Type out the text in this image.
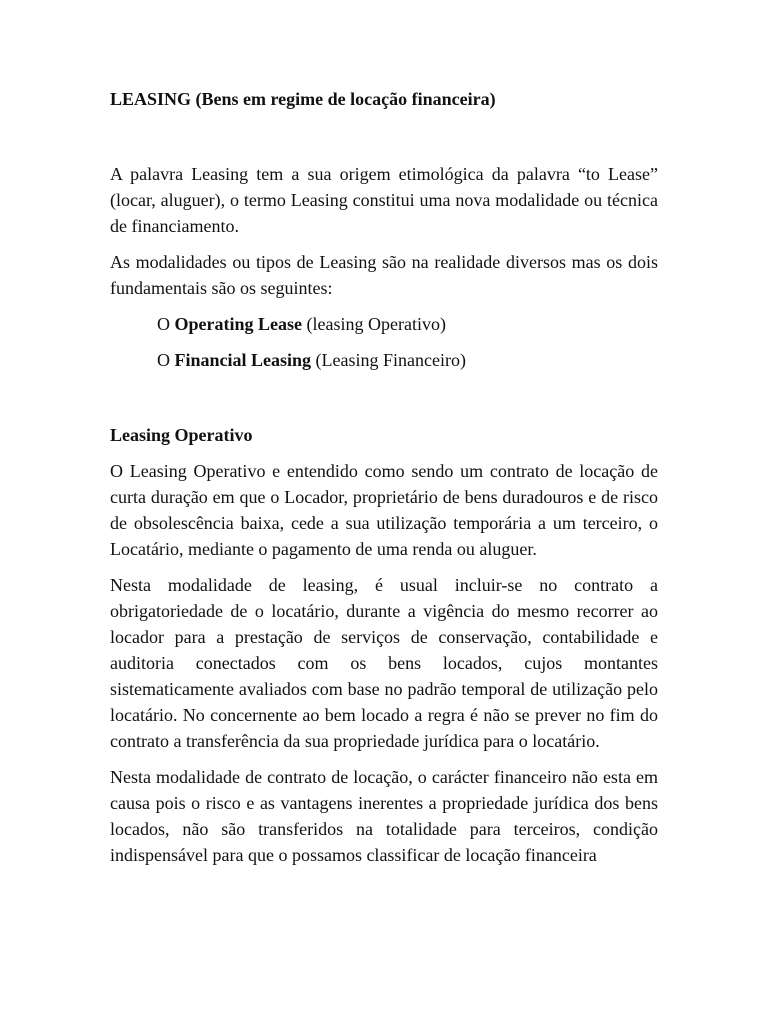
LEASING (Bens em regime de locação financeira)

A palavra Leasing tem a sua origem etimológica da palavra “to Lease” (locar, aluguer), o termo Leasing constitui uma nova modalidade ou técnica de financiamento.

As modalidades ou tipos de Leasing são na realidade diversos mas os dois fundamentais são os seguintes:

O Operating Lease (leasing Operativo)

O Financial Leasing (Leasing Financeiro)

Leasing Operativo

O Leasing Operativo e entendido como sendo um contrato de locação de curta duração em que o Locador, proprietário de bens duradouros e de risco de obsolescência baixa, cede a sua utilização temporária a um terceiro, o Locatário, mediante o pagamento de uma renda ou aluguer.

Nesta modalidade de leasing, é usual incluir-se no contrato a obrigatoriedade de o locatário, durante a vigência do mesmo recorrer ao locador para a prestação de serviços de conservação, contabilidade e auditoria conectados com os bens locados, cujos montantes sistematicamente avaliados com base no padrão temporal de utilização pelo locatário. No concernente ao bem locado a regra é não se prever no fim do contrato a transferência da sua propriedade jurídica para o locatário.

Nesta modalidade de contrato de locação, o carácter financeiro não esta em causa pois o risco e as vantagens inerentes a propriedade jurídica dos bens locados, não são transferidos na totalidade para terceiros, condição indispensável para que o possamos classificar de locação financeira
